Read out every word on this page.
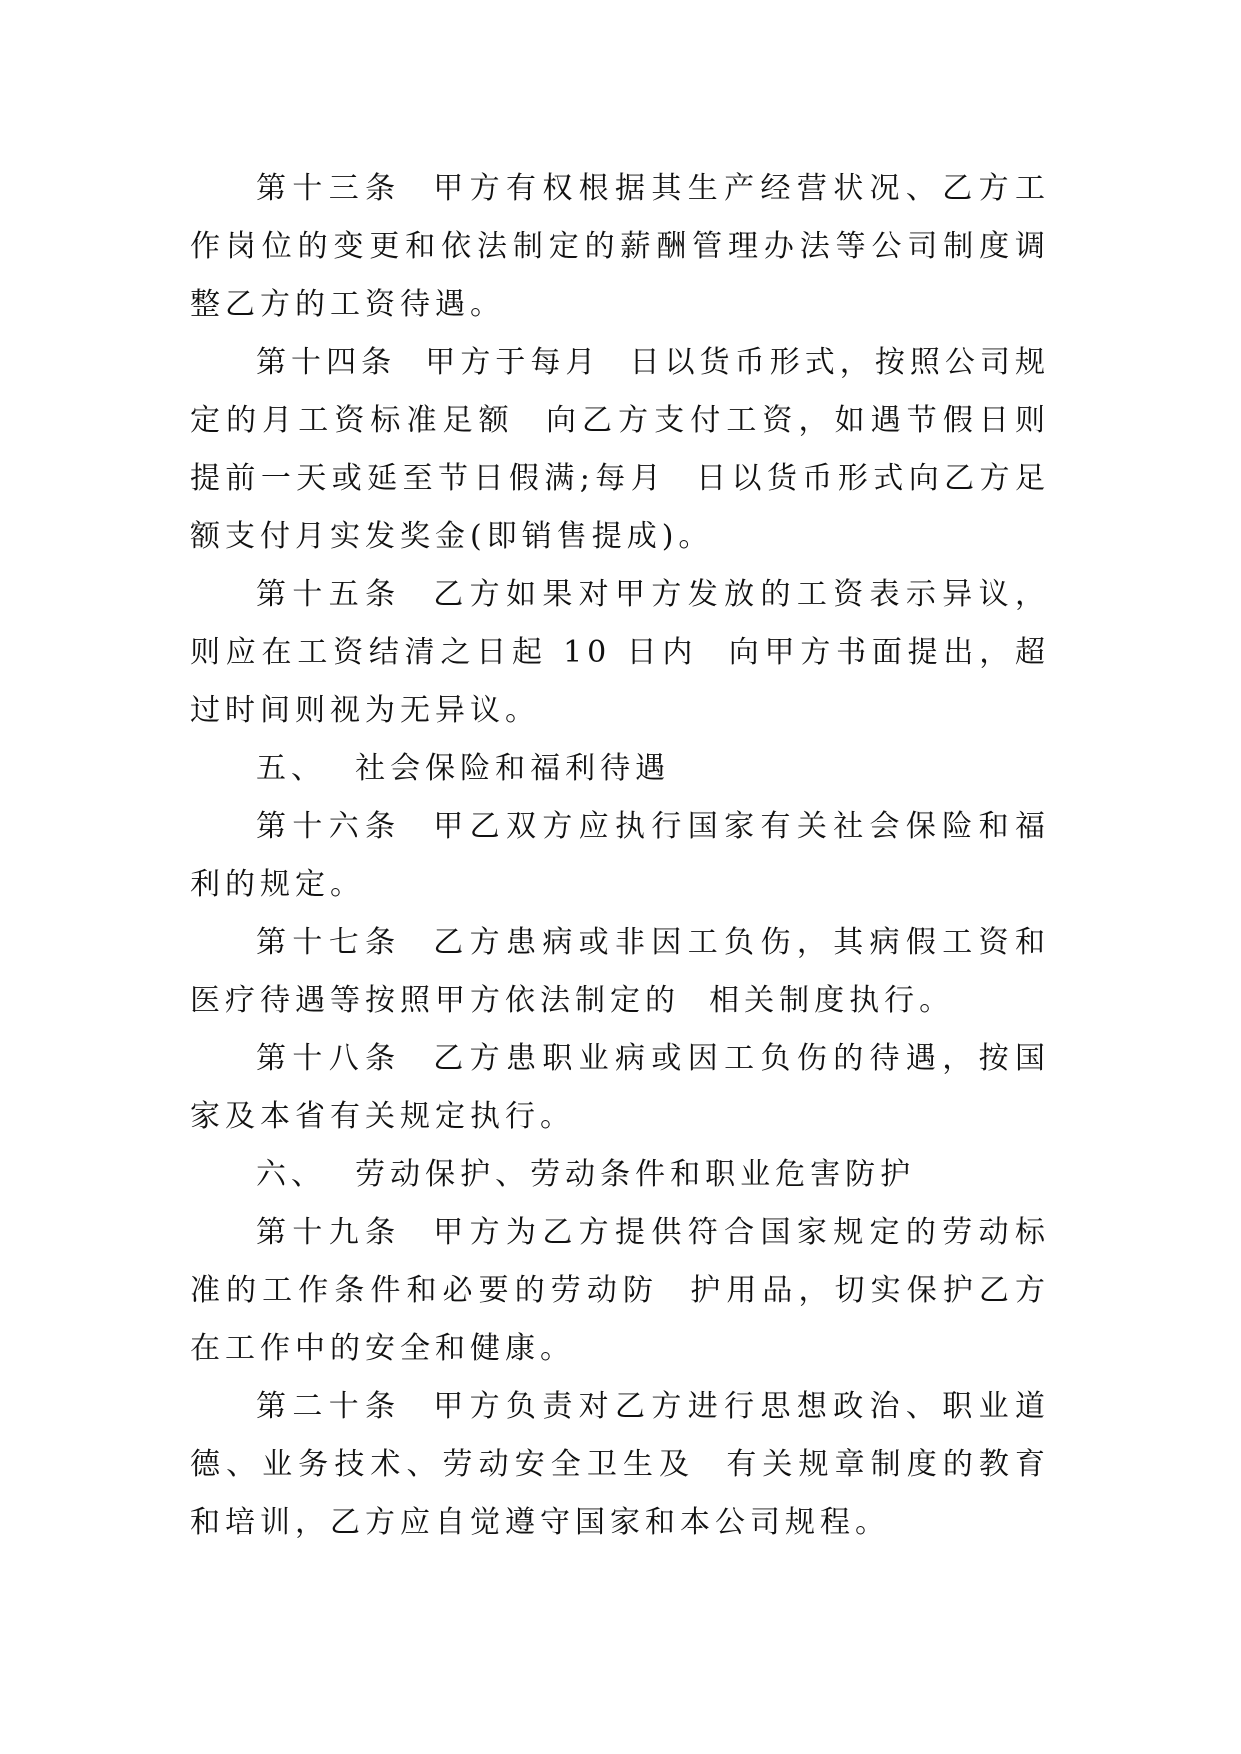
第十三条  甲方有权根据其生产经营状况、乙方工作岗位的变更和依法制定的薪酬管理办法等公司制度调整乙方的工资待遇。

第十四条  甲方于每月  日以货币形式，按照公司规定的月工资标准足额  向乙方支付工资，如遇节假日则提前一天或延至节日假满;每月  日以货币形式向乙方足额支付月实发奖金(即销售提成)。

第十五条  乙方如果对甲方发放的工资表示异议，则应在工资结清之日起 10 日内  向甲方书面提出，超过时间则视为无异议。

五、  社会保险和福利待遇

第十六条  甲乙双方应执行国家有关社会保险和福利的规定。

第十七条  乙方患病或非因工负伤，其病假工资和医疗待遇等按照甲方依法制定的  相关制度执行。

第十八条  乙方患职业病或因工负伤的待遇，按国家及本省有关规定执行。

六、  劳动保护、劳动条件和职业危害防护

第十九条  甲方为乙方提供符合国家规定的劳动标准的工作条件和必要的劳动防  护用品，切实保护乙方在工作中的安全和健康。

第二十条  甲方负责对乙方进行思想政治、职业道德、业务技术、劳动安全卫生及  有关规章制度的教育和培训，乙方应自觉遵守国家和本公司规程。
